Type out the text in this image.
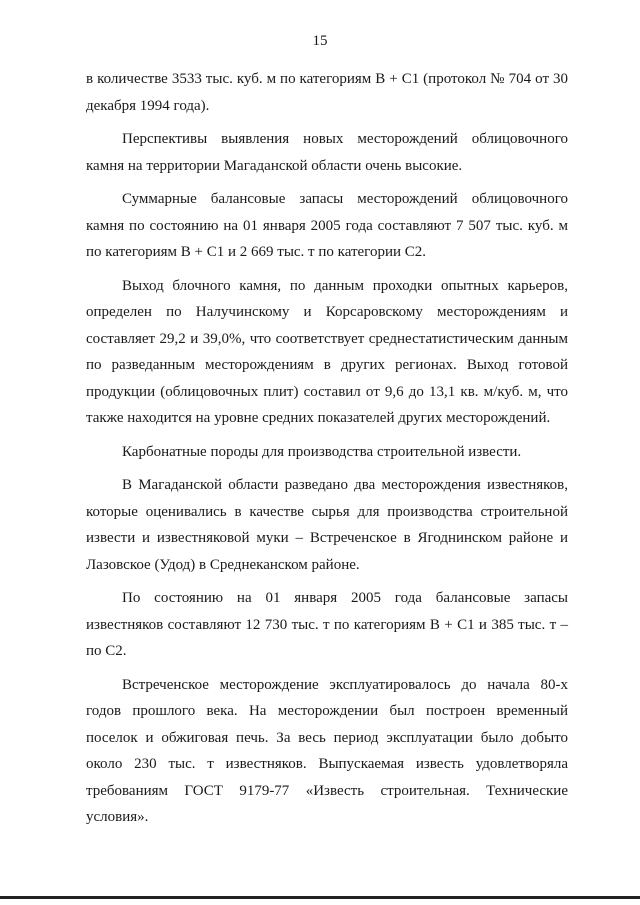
15

в количестве 3533 тыс. куб. м по категориям В + С1 (протокол № 704 от 30 декабря 1994 года).

Перспективы выявления новых месторождений облицовочного камня на территории Магаданской области очень высокие.

Суммарные балансовые запасы месторождений облицовочного камня по состоянию на 01 января 2005 года составляют 7 507 тыс. куб. м по категориям В + С1 и 2 669 тыс. т по категории С2.

Выход блочного камня, по данным проходки опытных карьеров, определен по Налучинскому и Корсаровскому месторождениям и составляет 29,2 и 39,0%, что соответствует среднестатистическим данным по разведанным месторождениям в других регионах. Выход готовой продукции (облицовочных плит) составил от 9,6 до 13,1 кв. м/куб. м, что также находится на уровне средних показателей других месторождений.

Карбонатные породы для производства строительной извести.

В Магаданской области разведано два месторождения известняков, которые оценивались в качестве сырья для производства строительной извести и известняковой муки – Встреченское в Ягоднинском районе и Лазовское (Удод) в Среднеканском районе.

По состоянию на 01 января 2005 года балансовые запасы известняков составляют 12 730 тыс. т по категориям В + С1 и 385 тыс. т – по С2.

Встреченское месторождение эксплуатировалось до начала 80-х годов прошлого века. На месторождении был построен временный поселок и обжиговая печь. За весь период эксплуатации было добыто около 230 тыс. т известняков. Выпускаемая известь удовлетворяла требованиям ГОСТ 9179-77 «Известь строительная. Технические условия».
